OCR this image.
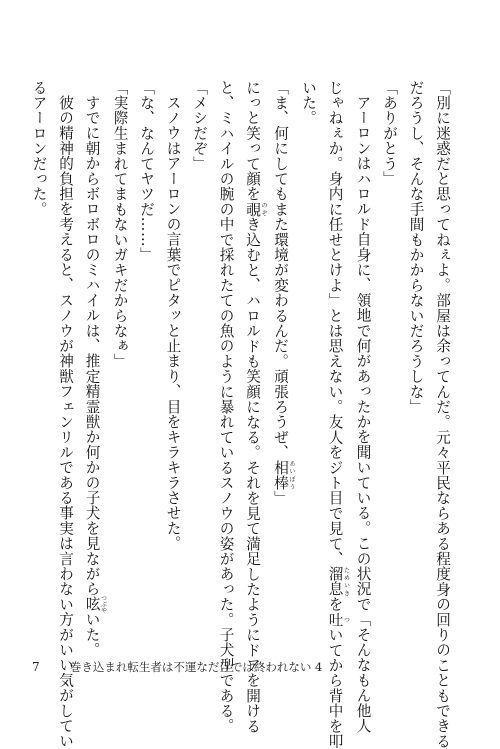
「別に迷惑だと思ってねぇよ。部屋は余ってんだ。元々平民ならある程度身の回りのこともできる
だろうし、そんな手間もかからないだろうしな」
「ありがとう」
アーロンはハロルド自身に、領地で何があったかを聞いている。この状況で「そんなもん他人
じゃねぇか。身内に任せとけよ」とは思えない。友人をジト目で見て、溜息 ためいきを吐 ついてから背中を叩
いた。
「ま、何にしてもまた環境が変わるんだ。頑張ろうぜ、相棒 あいぼう」
にっと笑って顔を覗 のぞき込むと、ハロルドも笑顔になる。それを見て満足したようにドアを開ける
と、ミハイルの腕の中で採れたての魚のように暴れているスノウの姿があった。子犬型である。
「メシだぞ」
スノウはアーロンの言葉でピタッと止まり、目をキラキラさせた。
「な、なんてヤツだ……」
「実際生まれてまもないガキだからなぁ」
すでに朝からボロボロのミハイルは、推定精霊獣か何かの子犬を見ながら呟 つぶやいた。
彼の精神的負担を考えると、スノウが神獣フェンリルである事実は言わない方がいい気がしてい
るアーロンだった。
7	巻き込まれ転生者は不運なだけでは終われない 4
